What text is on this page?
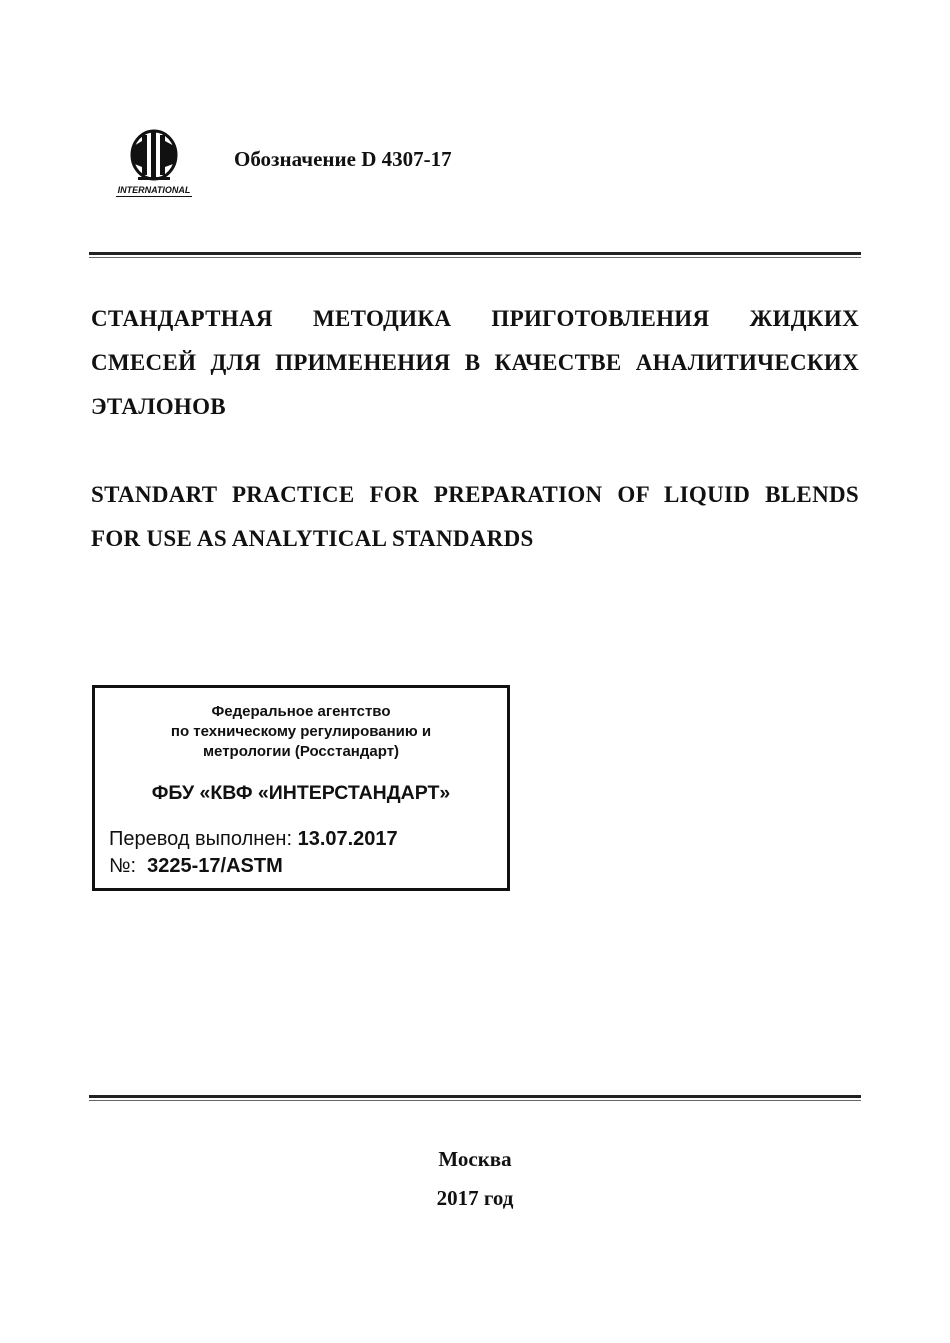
INTERNATIONAL
Обозначение D 4307-17
СТАНДАРТНАЯ МЕТОДИКА ПРИГОТОВЛЕНИЯ ЖИДКИХ СМЕСЕЙ ДЛЯ ПРИМЕНЕНИЯ В КАЧЕСТВЕ АНАЛИТИЧЕСКИХ ЭТАЛОНОВ
STANDART PRACTICE FOR PREPARATION OF LIQUID BLENDS FOR USE AS ANALYTICAL STANDARDS
Федеральное агентство
по техническому регулированию и
метрологии (Росстандарт)
ФБУ «КВФ «ИНТЕРСТАНДАРТ»
Перевод выполнен: 13.07.2017
№: 3225-17/ASTM
Москва
2017 год
